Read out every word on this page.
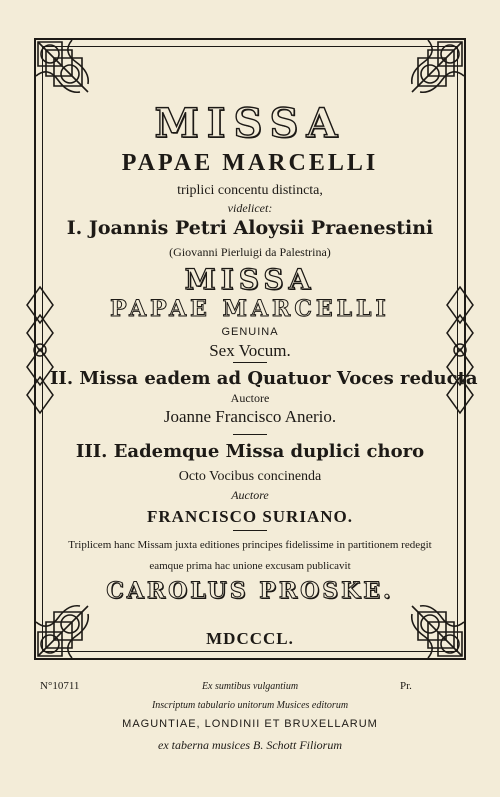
MISSA
PAPAE MARCELLI
triplici concentu distincta,
videlicet:
I. Joannis Petri Aloysii Praenestini
(Giovanni Pierluigi da Palestrina)
MISSA
PAPAE MARCELLI
GENUINA
Sex Vocum.
II. Missa eadem ad Quatuor Voces reducta
Auctore
Joanne Francisco Anerio.
III. Eademque Missa duplici choro
Octo Vocibus concinenda
Auctore
FRANCISCO SURIANO.
Triplicem hanc Missam juxta editiones principes fidelissime in partitionem redegit
eamque prima hac unione excusam publicavit
CAROLUS PROSKE.
MDCCCL.
N°10711	Pr.
Ex sumtibus vulgantium
Inscriptum tabulario unitorum Musices editorum
MAGUNTIAE, LONDINII ET BRUXELLARUM
ex taberna musices B. Schott Filiorum
